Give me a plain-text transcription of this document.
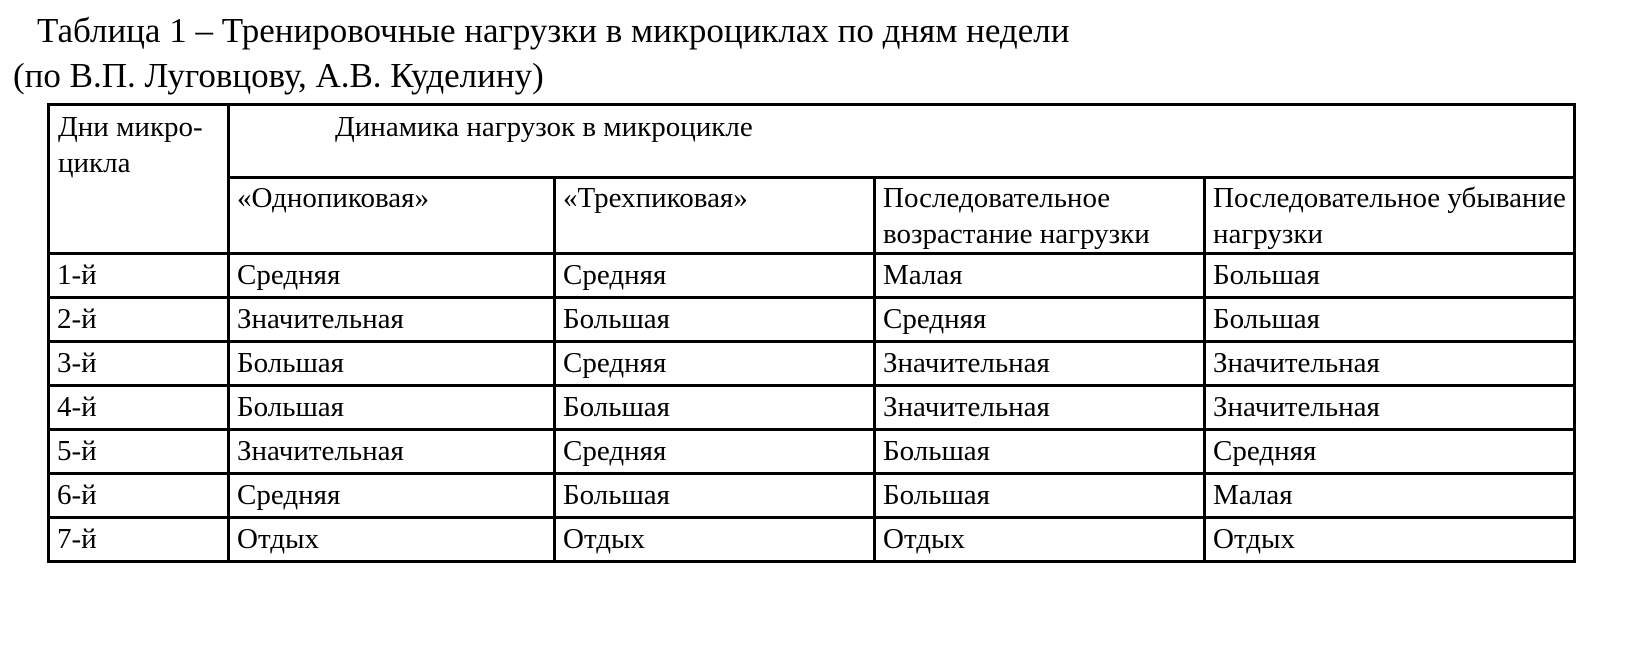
Таблица 1 – Тренировочные нагрузки в микроциклах по дням недели
(по В.П. Луговцову, А.В. Куделину)
Дни микро-цикла	Динамика нагрузок в микроцикле			
	«Однопиковая»	«Трехпиковая»	Последовательное возрастание нагрузки	Последовательное убывание нагрузки
1-й	Средняя	Средняя	Малая	Большая
2-й	Значительная	Большая	Средняя	Большая
3-й	Большая	Средняя	Значительная	Значительная
4-й	Большая	Большая	Значительная	Значительная
5-й	Значительная	Средняя	Большая	Средняя
6-й	Средняя	Большая	Большая	Малая
7-й	Отдых	Отдых	Отдых	Отдых
